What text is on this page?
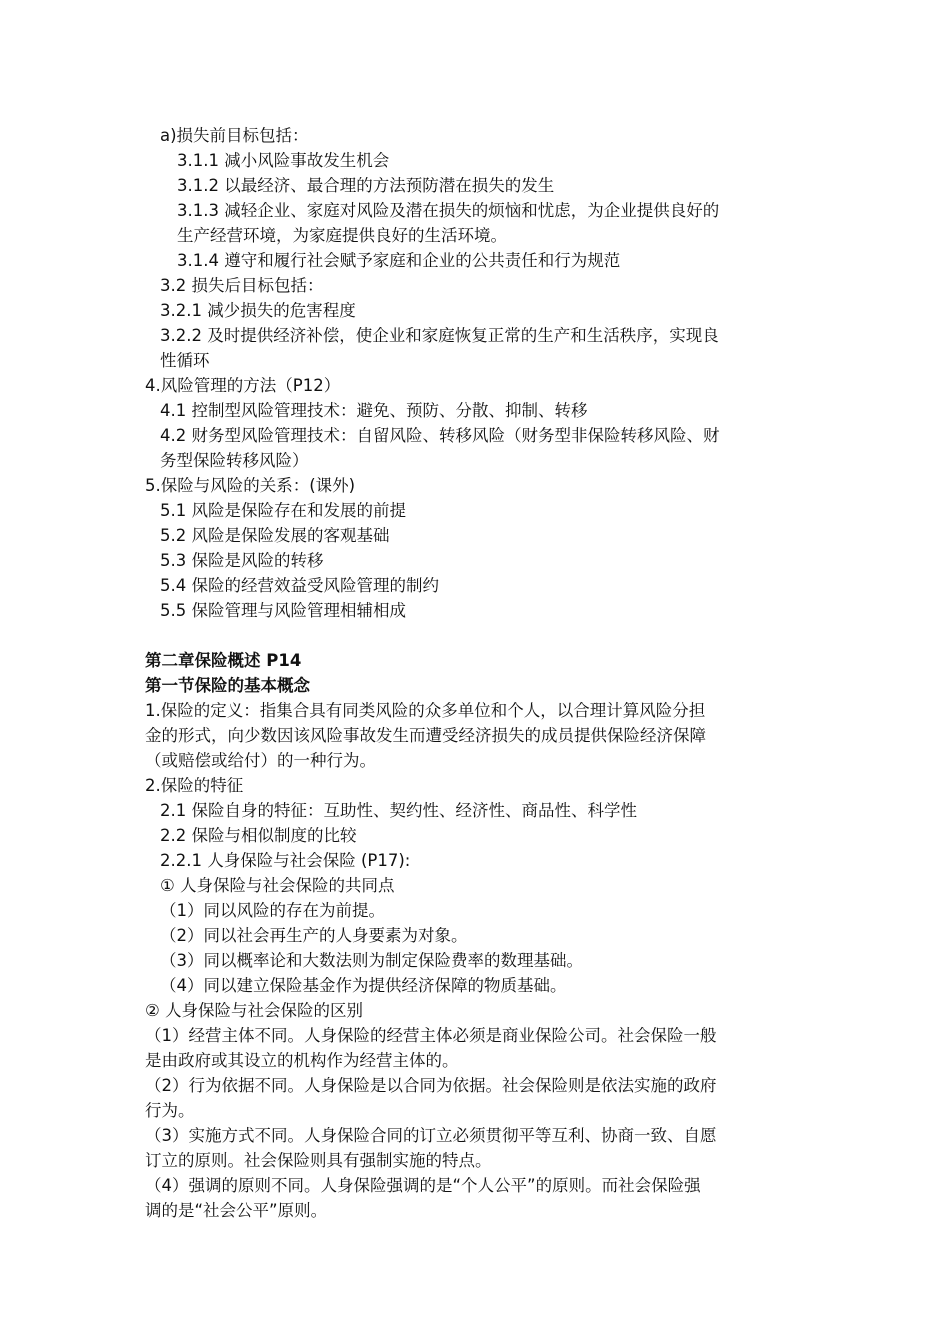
a)损失前目标包括：
3.1.1 减小风险事故发生机会
3.1.2 以最经济、最合理的方法预防潜在损失的发生
3.1.3 减轻企业、家庭对风险及潜在损失的烦恼和忧虑，为企业提供良好的
生产经营环境，为家庭提供良好的生活环境。
3.1.4 遵守和履行社会赋予家庭和企业的公共责任和行为规范
3.2 损失后目标包括：
3.2.1 减少损失的危害程度
3.2.2 及时提供经济补偿，使企业和家庭恢复正常的生产和生活秩序，实现良
性循环
4.风险管理的方法（P12）
4.1 控制型风险管理技术：避免、预防、分散、抑制、转移
4.2 财务型风险管理技术：自留风险、转移风险（财务型非保险转移风险、财
务型保险转移风险）
5.保险与风险的关系：(课外)
5.1 风险是保险存在和发展的前提
5.2 风险是保险发展的客观基础
5.3 保险是风险的转移
5.4 保险的经营效益受风险管理的制约
5.5 保险管理与风险管理相辅相成
第二章保险概述 P14
第一节保险的基本概念
1.保险的定义：指集合具有同类风险的众多单位和个人，以合理计算风险分担
金的形式，向少数因该风险事故发生而遭受经济损失的成员提供保险经济保障
（或赔偿或给付）的一种行为。
2.保险的特征
2.1 保险自身的特征：互助性、契约性、经济性、商品性、科学性
2.2 保险与相似制度的比较
2.2.1 人身保险与社会保险 (P17):
① 人身保险与社会保险的共同点
（1）同以风险的存在为前提。
（2）同以社会再生产的人身要素为对象。
（3）同以概率论和大数法则为制定保险费率的数理基础。
（4）同以建立保险基金作为提供经济保障的物质基础。
② 人身保险与社会保险的区别
（1）经营主体不同。人身保险的经营主体必须是商业保险公司。社会保险一般
是由政府或其设立的机构作为经营主体的。
（2）行为依据不同。人身保险是以合同为依据。社会保险则是依法实施的政府
行为。
（3）实施方式不同。人身保险合同的订立必须贯彻平等互利、协商一致、自愿
订立的原则。社会保险则具有强制实施的特点。
（4）强调的原则不同。人身保险强调的是“个人公平”的原则。而社会保险强
调的是“社会公平”原则。
